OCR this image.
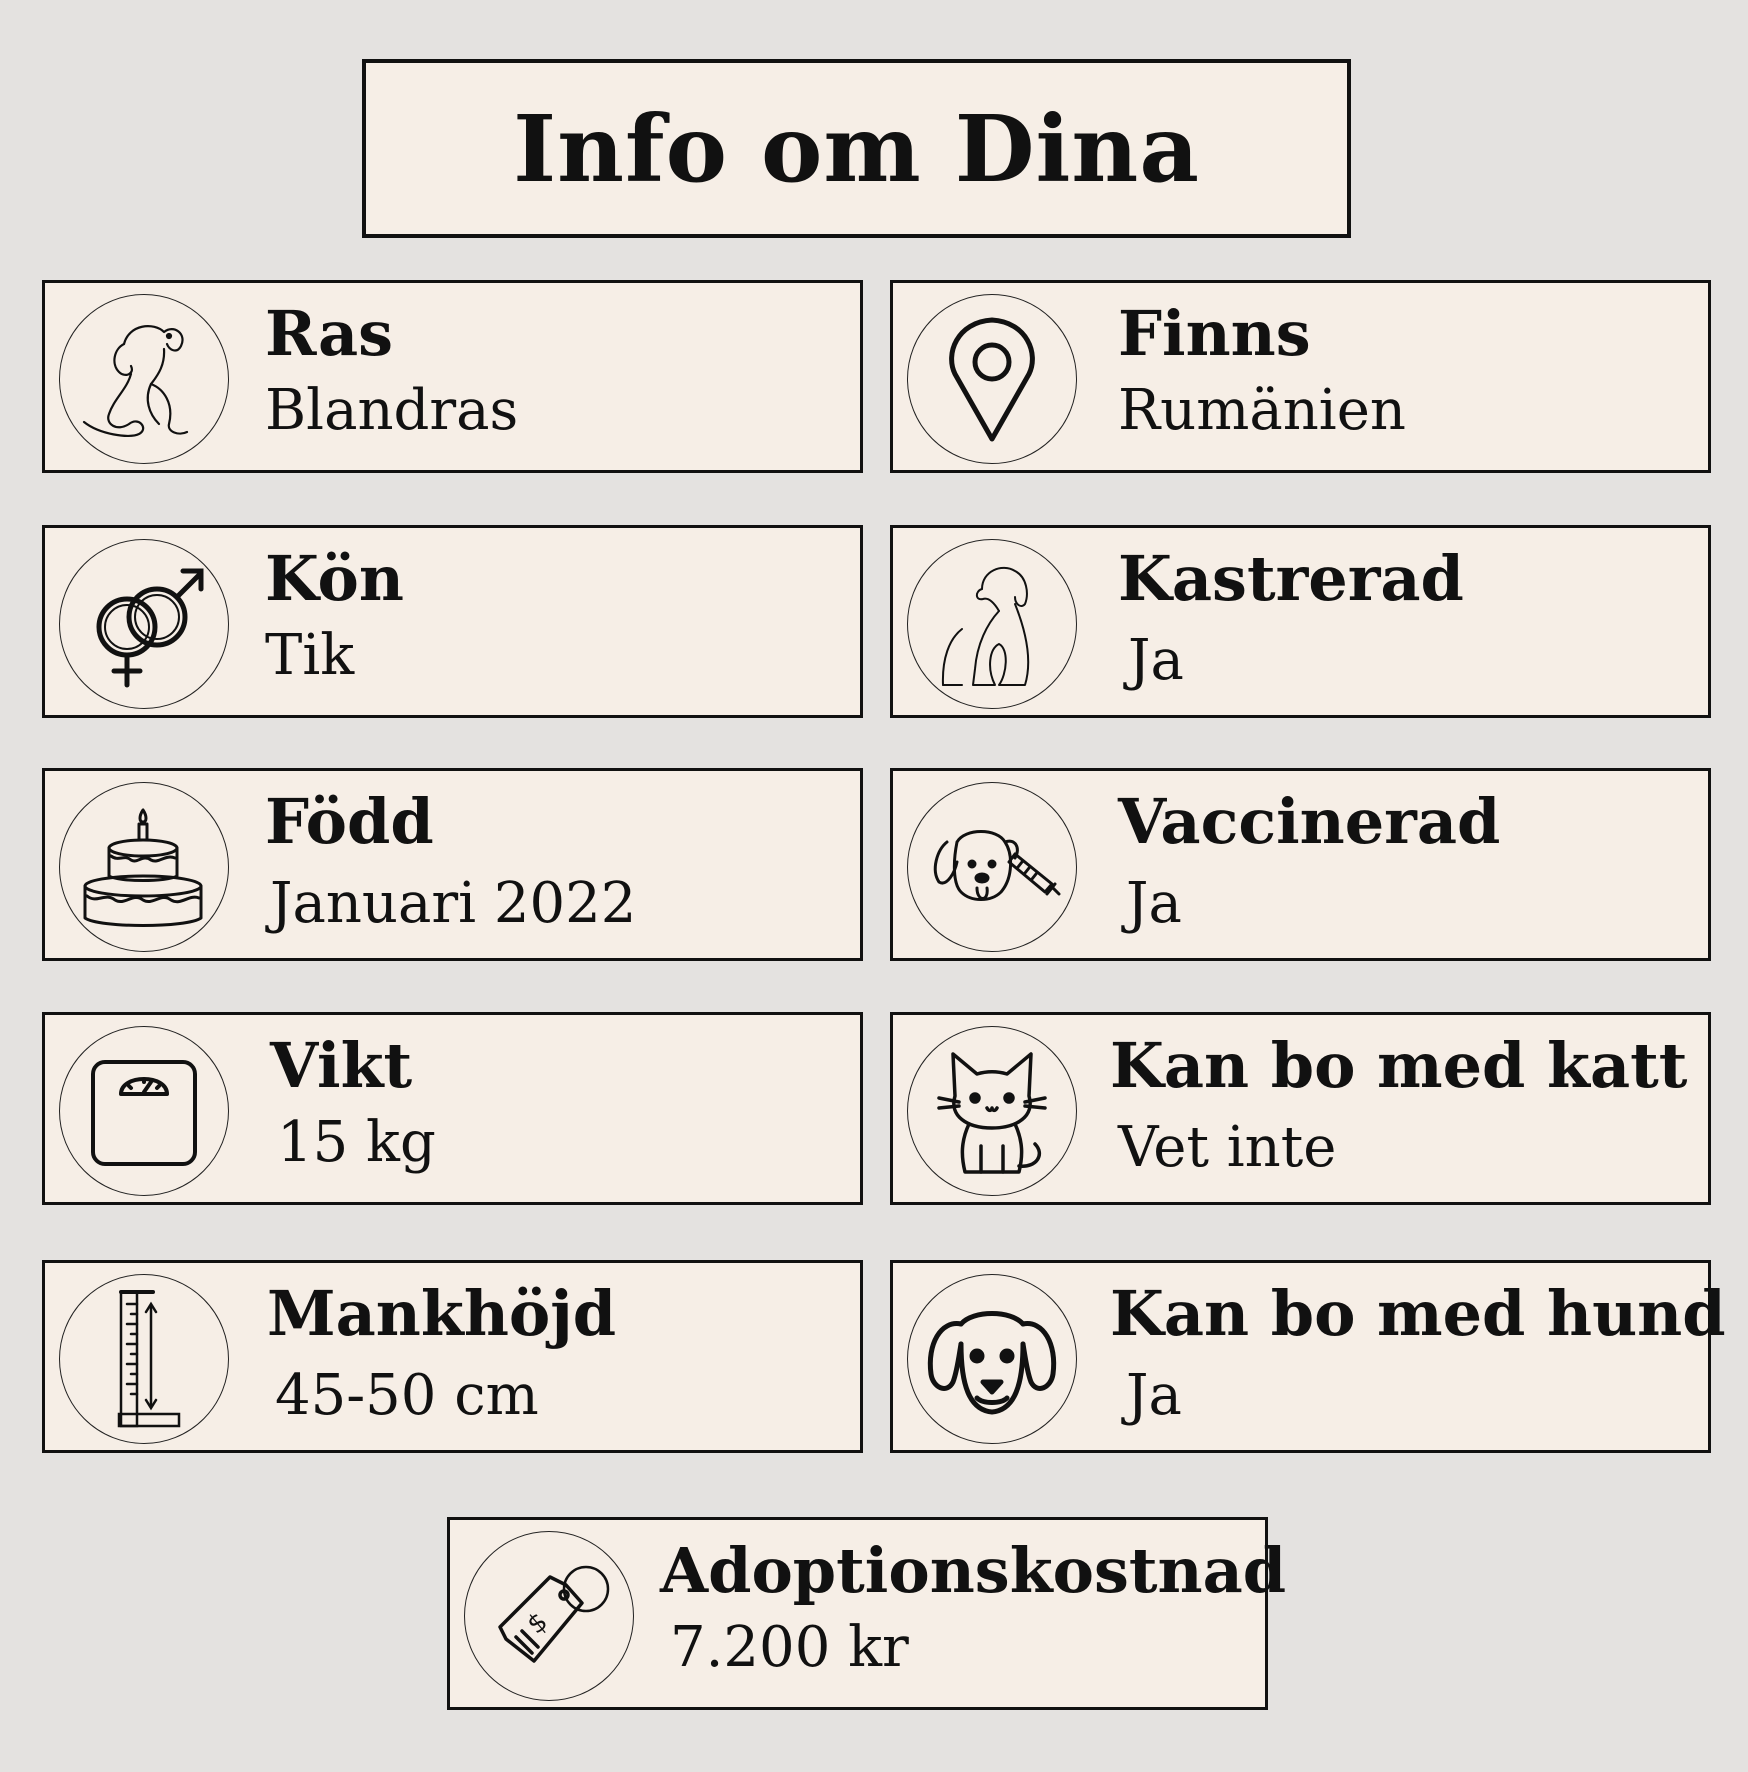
Info om Dina
Ras
Blandras
Finns
Rumänien
Kön
Tik
Kastrerad
Ja
Född
Januari 2022
Vaccinerad
Ja
Vikt
15 kg
Kan bo med katt
Vet inte
Mankhöjd
45-50 cm
Kan bo med hund
Ja
$
Adoptionskostnad
7.200 kr
